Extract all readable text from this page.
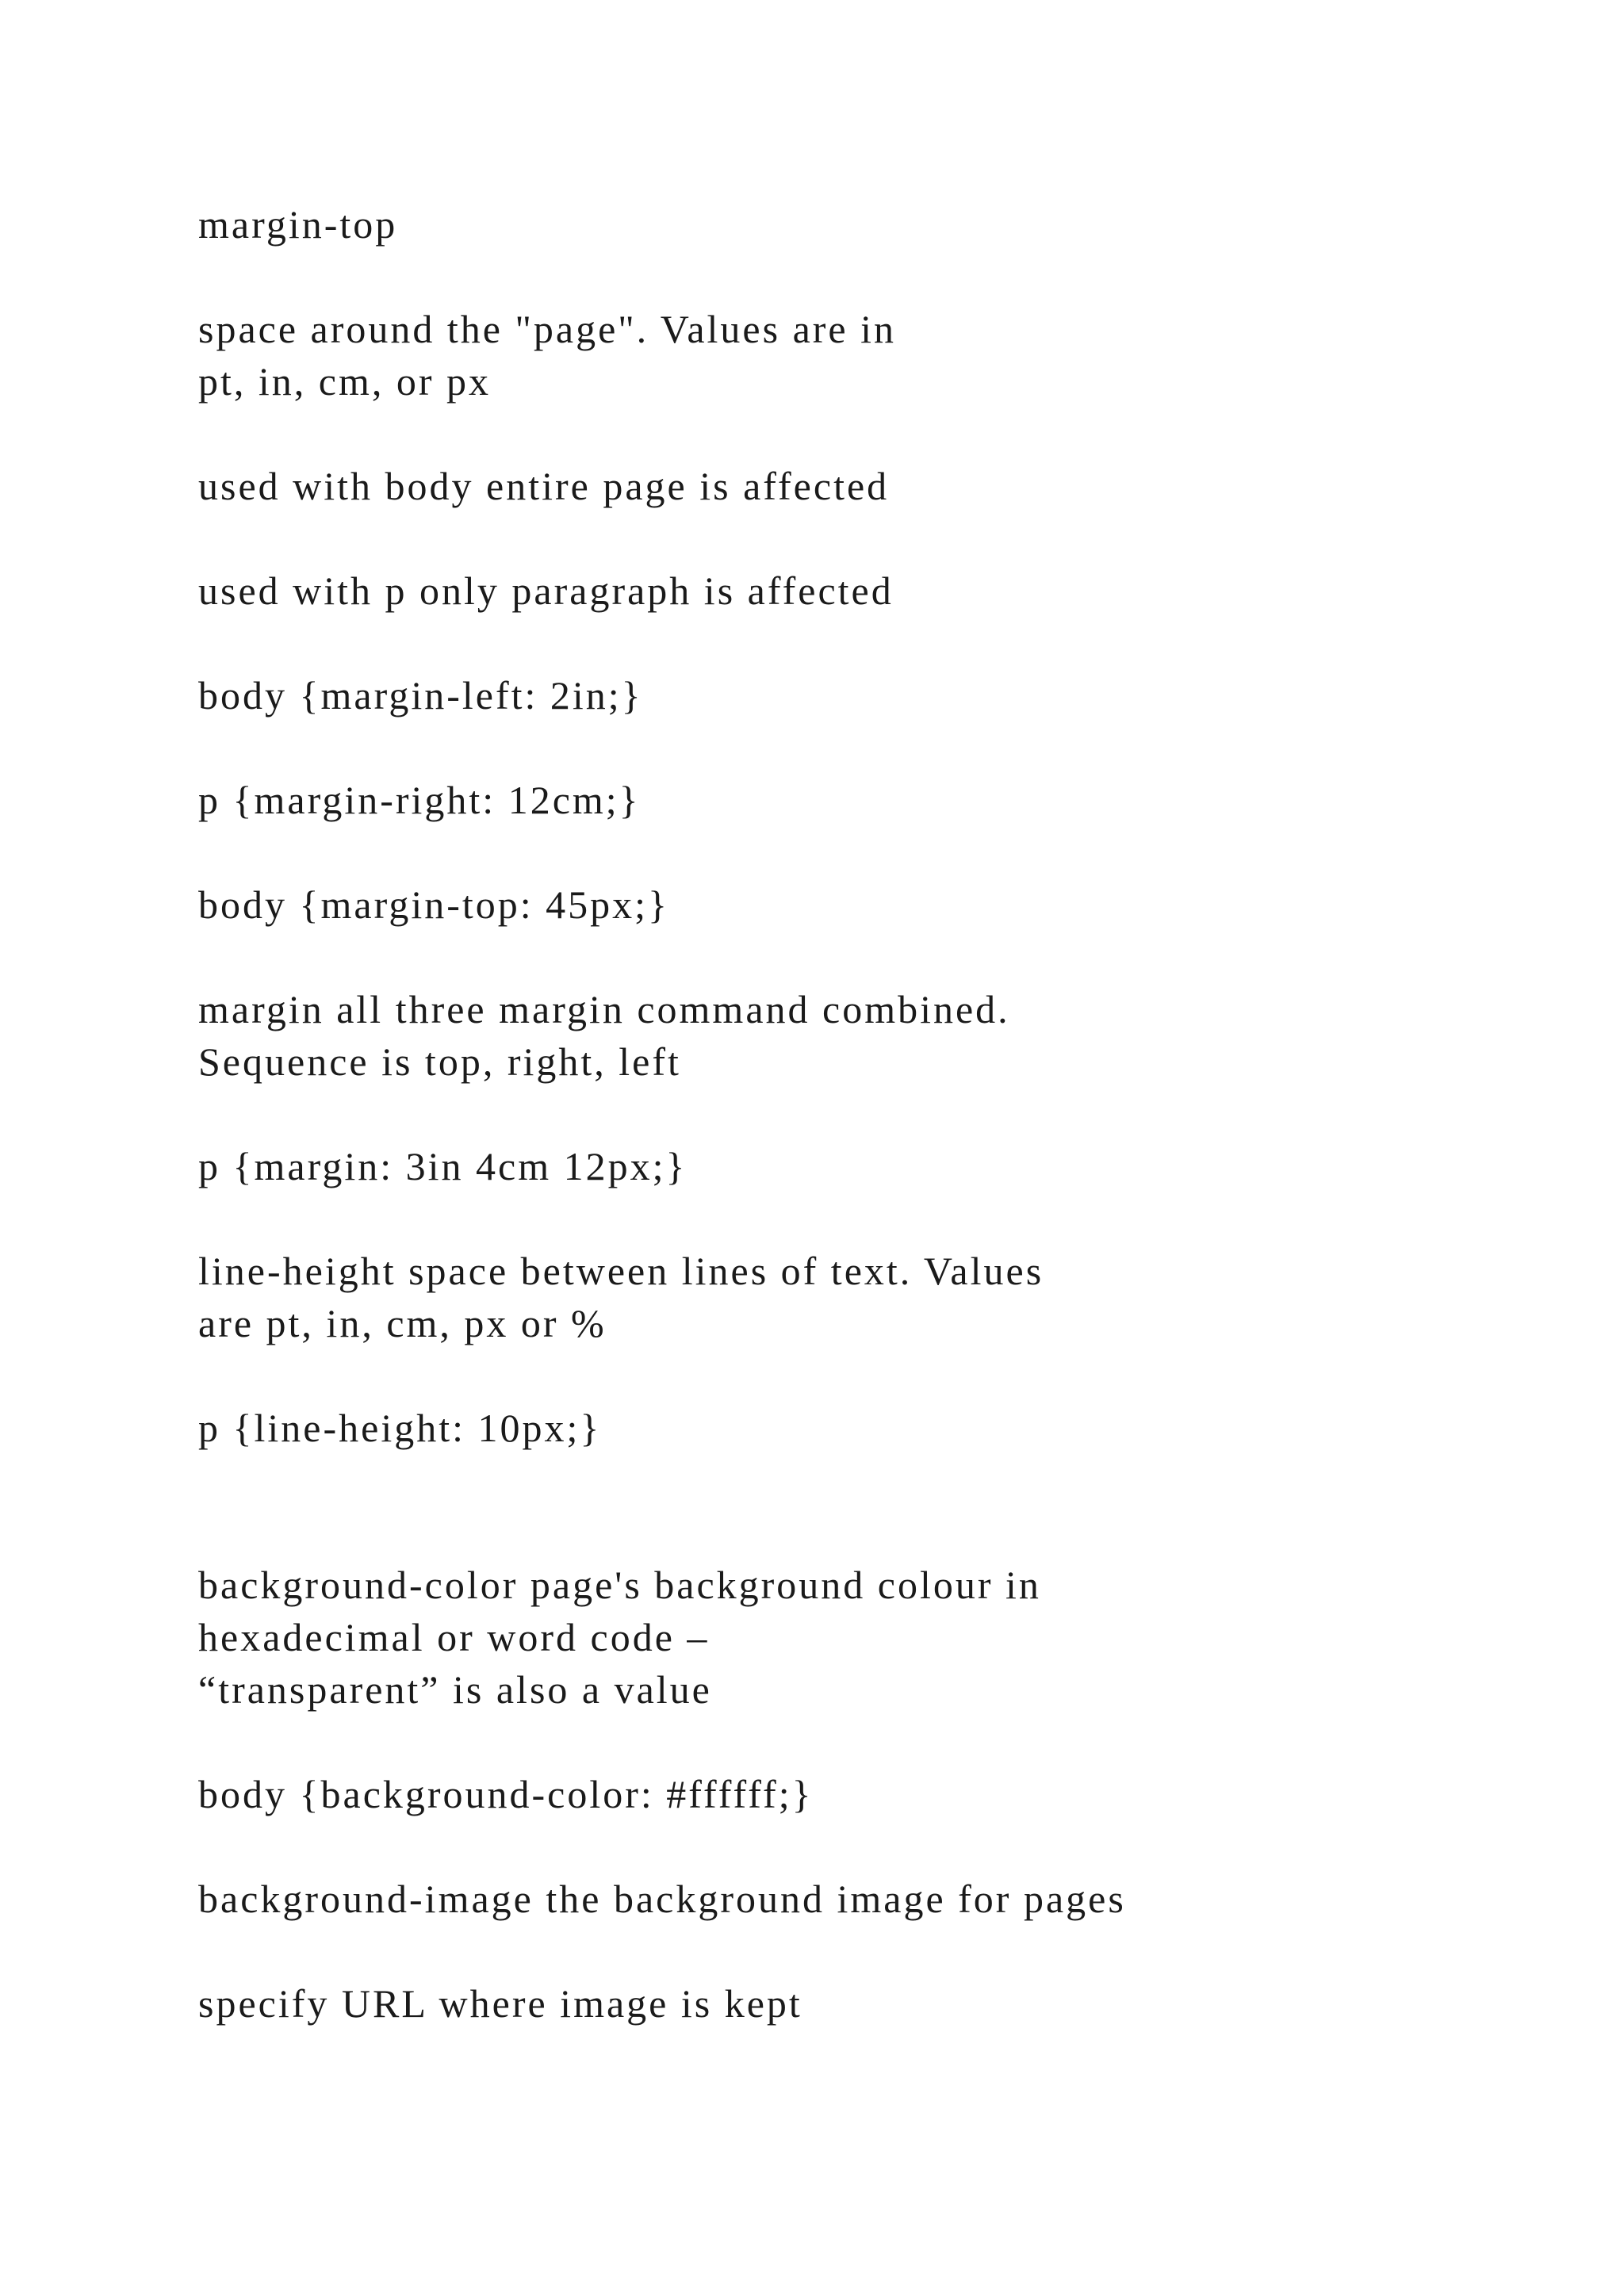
margin-top
space around the "page". Values are in
pt, in, cm, or px
used with body entire page is affected
used with p only paragraph is affected
body {margin-left: 2in;}
p {margin-right: 12cm;}
body {margin-top: 45px;}
margin all three margin command combined.
Sequence is top, right, left
p {margin: 3in 4cm 12px;}
line-height space between lines of text. Values
are pt, in, cm, px or %
p {line-height: 10px;}
background-color page's background colour in
hexadecimal or word code –
“transparent” is also a value
body {background-color: #ffffff;}
background-image the background image for pages
specify URL where image is kept
